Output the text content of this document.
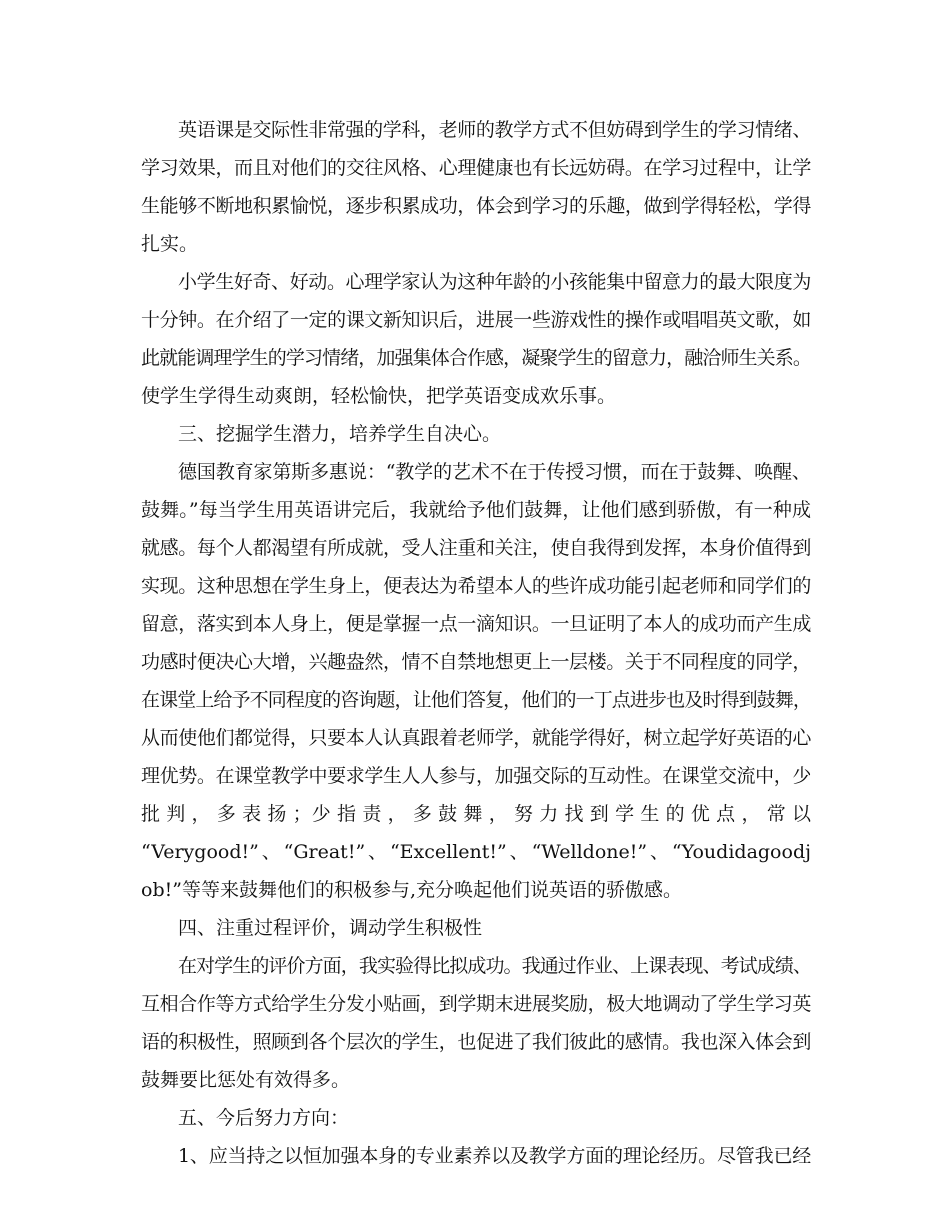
英语课是交际性非常强的学科，老师的教学方式不但妨碍到学生的学习情绪、
学习效果，而且对他们的交往风格、心理健康也有长远妨碍。在学习过程中，让学
生能够不断地积累愉悦，逐步积累成功，体会到学习的乐趣，做到学得轻松，学得
扎实。
小学生好奇、好动。心理学家认为这种年龄的小孩能集中留意力的最大限度为
十分钟。在介绍了一定的课文新知识后，进展一些游戏性的操作或唱唱英文歌，如
此就能调理学生的学习情绪，加强集体合作感，凝聚学生的留意力，融洽师生关系。
使学生学得生动爽朗，轻松愉快，把学英语变成欢乐事。
三、挖掘学生潜力，培养学生自决心。
德国教育家第斯多惠说：“教学的艺术不在于传授习惯，而在于鼓舞、唤醒、
鼓舞。”每当学生用英语讲完后，我就给予他们鼓舞，让他们感到骄傲，有一种成
就感。每个人都渴望有所成就，受人注重和关注，使自我得到发挥，本身价值得到
实现。这种思想在学生身上，便表达为希望本人的些许成功能引起老师和同学们的
留意，落实到本人身上，便是掌握一点一滴知识。一旦证明了本人的成功而产生成
功感时便决心大增，兴趣盎然，情不自禁地想更上一层楼。关于不同程度的同学，
在课堂上给予不同程度的咨询题，让他们答复，他们的一丁点进步也及时得到鼓舞，
从而使他们都觉得，只要本人认真跟着老师学，就能学得好，树立起学好英语的心
理优势。在课堂教学中要求学生人人参与，加强交际的互动性。在课堂交流中，少
批 判 ， 多 表 扬 ；少 指 责 ， 多 鼓 舞 ， 努 力 找 到 学 生 的 优 点 ， 常 以
“Verygood!”、“Great!”、“Excellent!”、“Welldone!”、“Youdidagoodj
ob!”等等来鼓舞他们的积极参与,充分唤起他们说英语的骄傲感。
四、注重过程评价，调动学生积极性
在对学生的评价方面，我实验得比拟成功。我通过作业、上课表现、考试成绩、
互相合作等方式给学生分发小贴画，到学期末进展奖励，极大地调动了学生学习英
语的积极性，照顾到各个层次的学生，也促进了我们彼此的感情。我也深入体会到
鼓舞要比惩处有效得多。
五、今后努力方向：
1、应当持之以恒加强本身的专业素养以及教学方面的理论经历。尽管我已经
